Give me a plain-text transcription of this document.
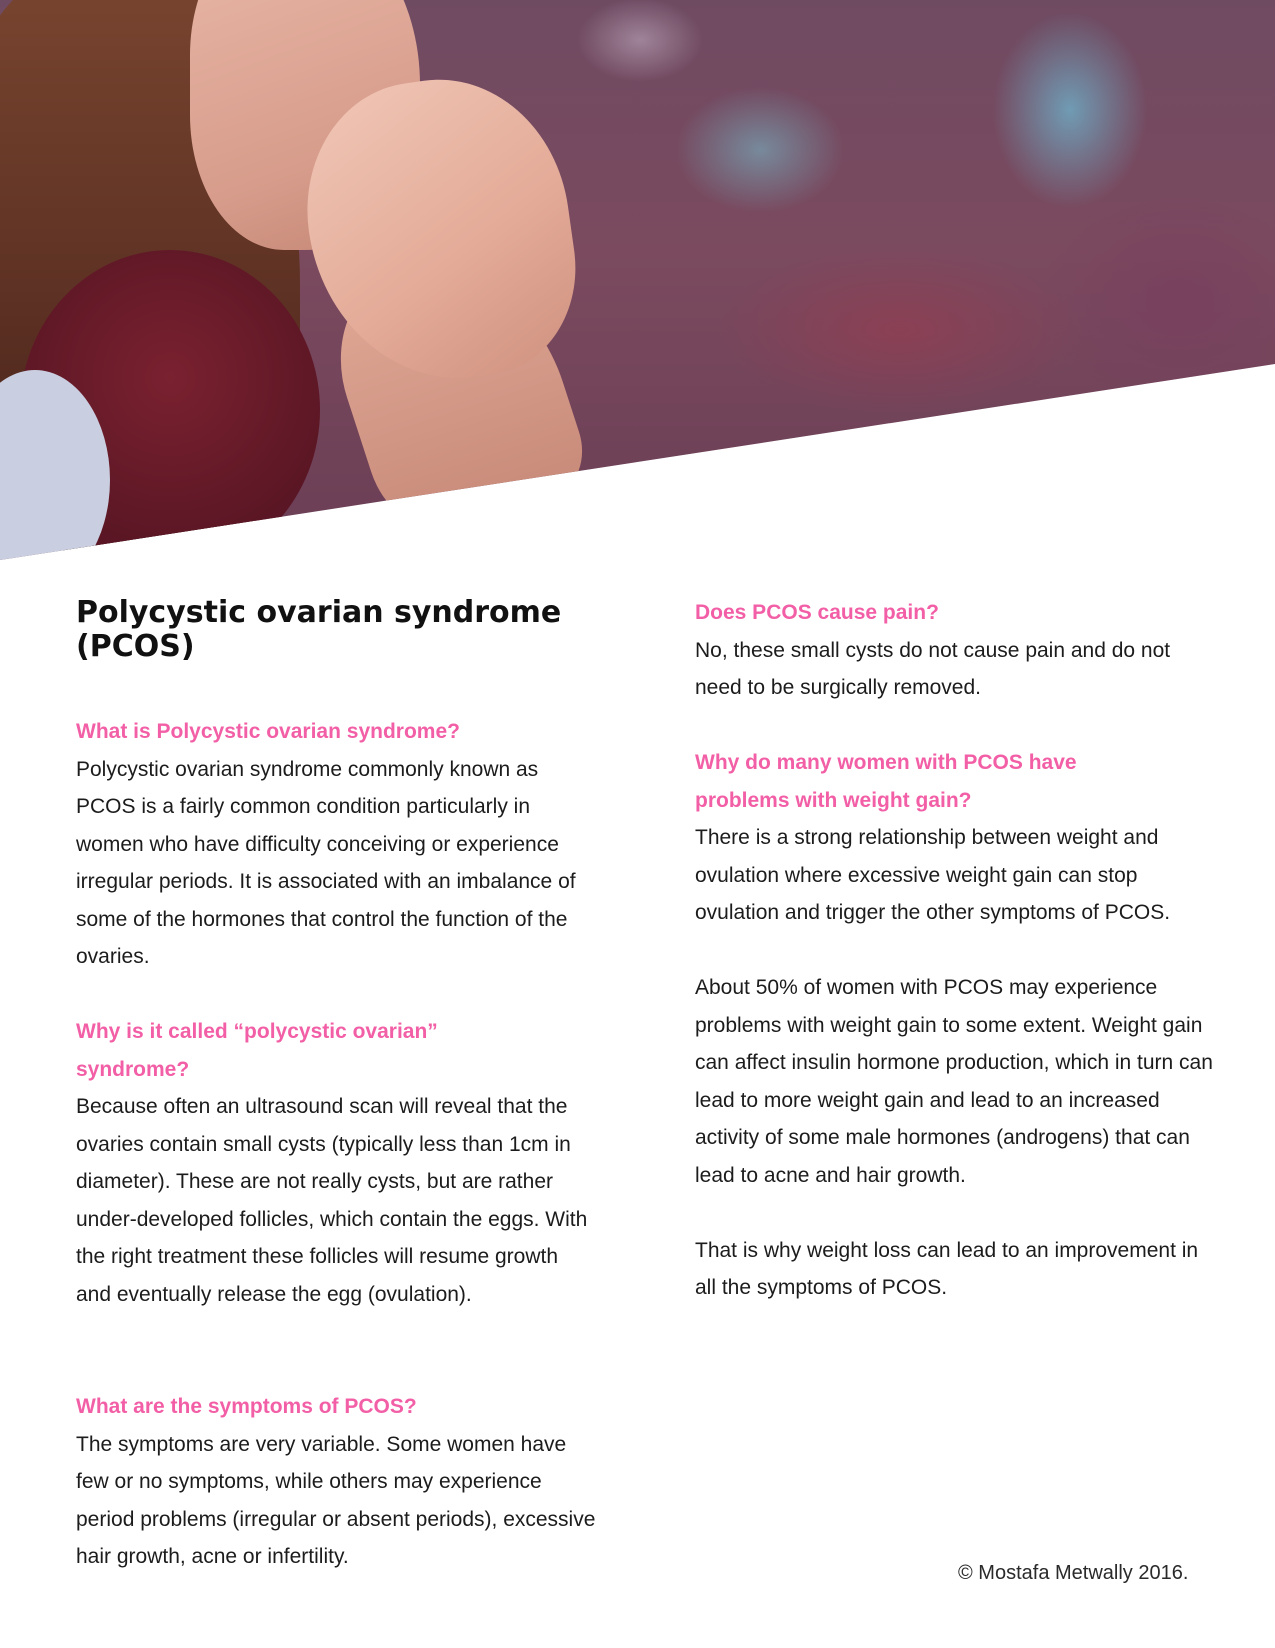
Polycystic ovarian syndrome (PCOS)

What is Polycystic ovarian syndrome?

Polycystic ovarian syndrome commonly known as PCOS is a fairly common condition particularly in women who have difficulty conceiving or experience irregular periods. It is associated with an imbalance of some of the hormones that control the function of the ovaries.

Why is it called “polycystic ovarian” syndrome?

Because often an ultrasound scan will reveal that the ovaries contain small cysts (typically less than 1cm in diameter). These are not really cysts, but are rather under-developed follicles, which contain the eggs. With the right treatment these follicles will resume growth and eventually release the egg (ovulation).

What are the symptoms of PCOS?

The symptoms are very variable. Some women have few or no symptoms, while others may experience period problems (irregular or absent periods), excessive hair growth, acne or infertility.

Does PCOS cause pain?

No, these small cysts do not cause pain and do not need to be surgically removed.

Why do many women with PCOS have problems with weight gain?

There is a strong relationship between weight and ovulation where excessive weight gain can stop ovulation and trigger the other symptoms of PCOS.

About 50% of women with PCOS may experience problems with weight gain to some extent. Weight gain can affect insulin hormone production, which in turn can lead to more weight gain and lead to an increased activity of some male hormones (androgens) that can lead to acne and hair growth.

That is why weight loss can lead to an improvement in all the symptoms of PCOS.

© Mostafa Metwally 2016.
